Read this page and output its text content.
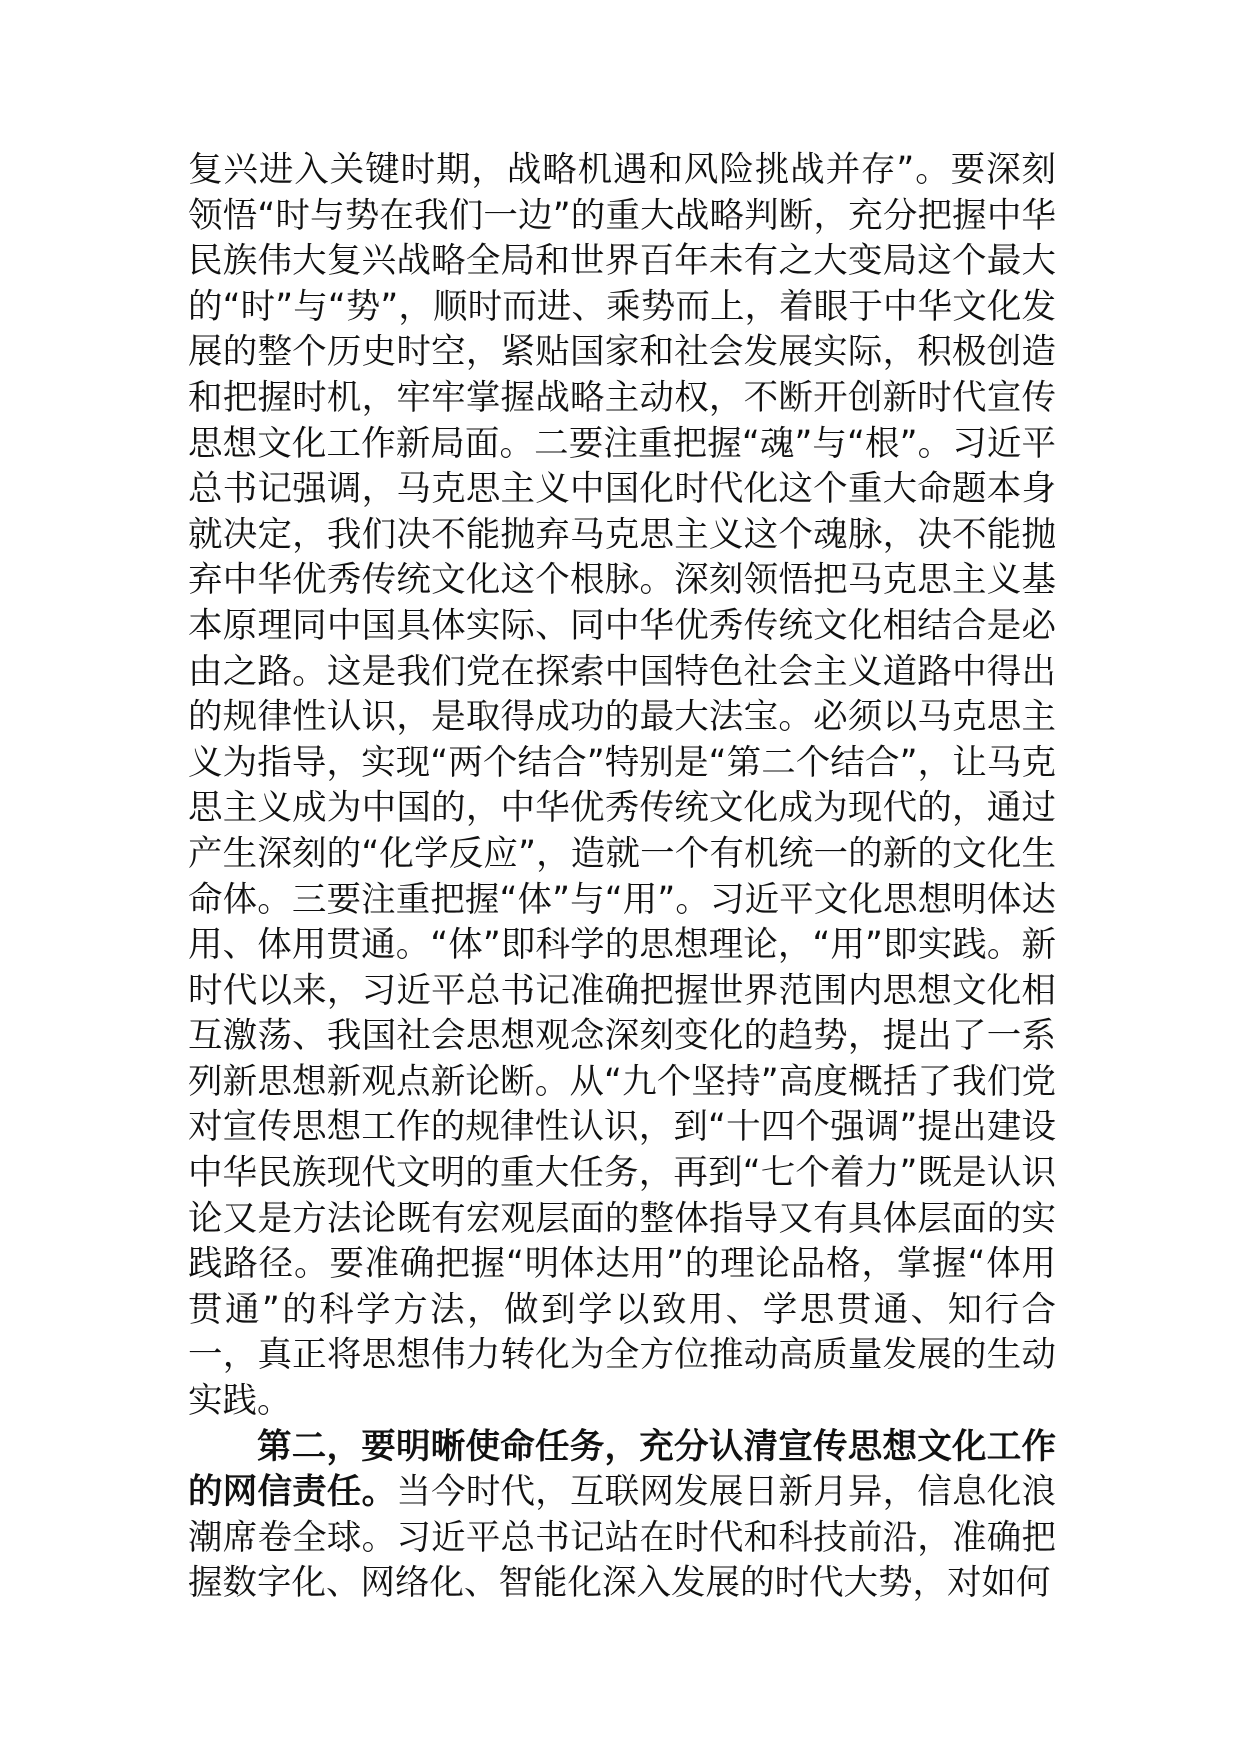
复兴进入关键时期，战略机遇和风险挑战并存”。要深刻领悟“时与势在我们一边”的重大战略判断，充分把握中华民族伟大复兴战略全局和世界百年未有之大变局这个最大的“时”与“势”，顺时而进、乘势而上，着眼于中华文化发展的整个历史时空，紧贴国家和社会发展实际，积极创造和把握时机，牢牢掌握战略主动权，不断开创新时代宣传思想文化工作新局面。二要注重把握“魂”与“根”。习近平总书记强调，马克思主义中国化时代化这个重大命题本身就决定，我们决不能抛弃马克思主义这个魂脉，决不能抛弃中华优秀传统文化这个根脉。深刻领悟把马克思主义基本原理同中国具体实际、同中华优秀传统文化相结合是必由之路。这是我们党在探索中国特色社会主义道路中得出的规律性认识，是取得成功的最大法宝。必须以马克思主义为指导，实现“两个结合”特别是“第二个结合”，让马克思主义成为中国的，中华优秀传统文化成为现代的，通过产生深刻的“化学反应”，造就一个有机统一的新的文化生命体。三要注重把握“体”与“用”。习近平文化思想明体达用、体用贯通。“体”即科学的思想理论，“用”即实践。新时代以来，习近平总书记准确把握世界范围内思想文化相互激荡、我国社会思想观念深刻变化的趋势，提出了一系列新思想新观点新论断。从“九个坚持”高度概括了我们党对宣传思想工作的规律性认识，到“十四个强调”提出建设中华民族现代文明的重大任务，再到“七个着力”既是认识论又是方法论既有宏观层面的整体指导又有具体层面的实践路径。要准确把握“明体达用”的理论品格，掌握“体用贯通”的科学方法，做到学以致用、学思贯通、知行合一，真正将思想伟力转化为全方位推动高质量发展的生动实践。

第二，要明晰使命任务，充分认清宣传思想文化工作的网信责任。当今时代，互联网发展日新月异，信息化浪潮席卷全球。习近平总书记站在时代和科技前沿，准确把握数字化、网络化、智能化深入发展的时代大势，对如何
